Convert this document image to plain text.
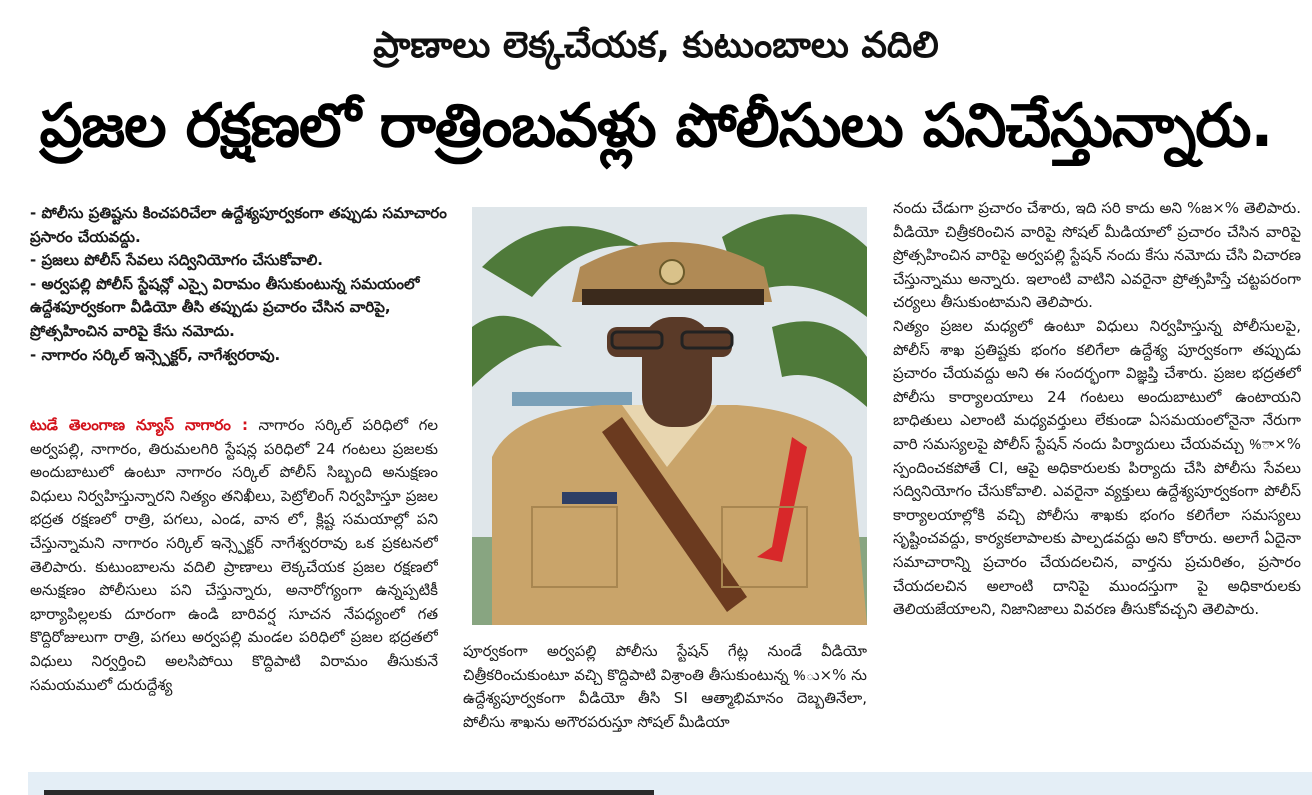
ప్రాణాలు లెక్కచేయక, కుటుంబాలు వదిలి
ప్రజల రక్షణలో రాత్రింబవళ్లు పోలీసులు పనిచేస్తున్నారు.
- పోలీసు ప్రతిష్టను కించపరిచేలా ఉద్దేశ్యపూర్వకంగా తప్పుడు సమాచారం ప్రసారం చేయవద్దు.
- ప్రజలు పోలీస్ సేవలు సద్వినియోగం చేసుకోవాలి.
- అర్వపల్లి పోలీస్ స్టేషన్లో ఎస్సై విరామం తీసుకుంటున్న సమయంలో ఉద్దేశపూర్వకంగా వీడియో తీసి తప్పుడు ప్రచారం చేసిన వారిపై, ప్రోత్సహించిన వారిపై కేసు నమోదు.
- నాగారం సర్కిల్ ఇన్స్పెక్టర్, నాగేశ్వరరావు.

టుడే తెలంగాణ న్యూస్ నాగారం : నాగారం సర్కిల్ పరిధిలో గల అర్వపల్లి, నాగారం, తిరుమలగిరి స్టేషన్ల పరిధిలో 24 గంటలు ప్రజలకు అందుబాటులో ఉంటూ నాగారం సర్కిల్ పోలీస్ సిబ్బంది అనుక్షణం విధులు నిర్వహిస్తున్నారని నిత్యం తనిఖీలు, పెట్రోలింగ్ నిర్వహిస్తూ ప్రజల భద్రత రక్షణలో రాత్రి, పగలు, ఎండ, వాన లో, క్లిష్ట సమయాల్లో పని చేస్తున్నామని నాగారం సర్కిల్ ఇన్స్పెక్టర్ నాగేశ్వరరావు ఒక ప్రకటనలో తెలిపారు. కుటుంబాలను వదిలి ప్రాణాలు లెక్కచేయక ప్రజల రక్షణలో అనుక్షణం పోలీసులు పని చేస్తున్నారు, అనారోగ్యంగా ఉన్నప్పటికీ భార్యాపిల్లలకు దూరంగా ఉండి బారివర్ష సూచన నేపధ్యంలో గత కొద్దిరోజులుగా రాత్రి, పగలు అర్వపల్లి మండల పరిధిలో ప్రజల భద్రతలో విధులు నిర్వర్తించి అలసిపోయి కొద్దిపాటి విరామం తీసుకునే సమయములో దురుద్దేశ్య

పూర్వకంగా అర్వపల్లి పోలీసు స్టేషన్ గేట్ల నుండే వీడియో చిత్రీకరించుకుంటూ వచ్చి కొద్దిపాటి విశ్రాంతి తీసుకుంటున్న %ు×% ను ఉద్దేశ్యపూర్వకంగా వీడియో తీసి SI ఆత్మాభిమానం దెబ్బతినేలా, పోలీసు శాఖను అగౌరపరుస్తూ సోషల్ మీడియా

నందు చేడుగా ప్రచారం చేశారు, ఇది సరి కాదు అని %జ×% తెలిపారు. వీడియో చిత్రీకరించిన వారిపై సోషల్ మీడియాలో ప్రచారం చేసిన వారిపై ప్రోత్సహించిన వారిపై అర్వపల్లి స్టేషన్ నందు కేసు నమోదు చేసి విచారణ చేస్తున్నాము అన్నారు. ఇలాంటి వాటిని ఎవరైనా ప్రోత్సహిస్తే చట్టపరంగా చర్యలు తీసుకుంటామని తెలిపారు.

నిత్యం ప్రజల మధ్యలో ఉంటూ విధులు నిర్వహిస్తున్న పోలీసులపై, పోలీస్ శాఖ ప్రతిష్టకు భంగం కలిగేలా ఉద్దేశ్య పూర్వకంగా తప్పుడు ప్రచారం చేయవద్దు అని ఈ సందర్భంగా విజ్ఞప్తి చేశారు. ప్రజల భద్రతలో పోలీసు కార్యాలయాలు 24 గంటలు అందుబాటులో ఉంటాయని బాధితులు ఎలాంటి మధ్యవర్తులు లేకుండా ఏసమయంలోనైనా నేరుగా వారి సమస్యలపై పోలీస్ స్టేషన్ నందు పిర్యాదులు చేయవచ్చు %ా×% స్పందించకపోతే CI, ఆపై అధికారులకు పిర్యాదు చేసి పోలీసు సేవలు సద్వినియోగం చేసుకోవాలి. ఎవరైనా వ్యక్తులు ఉద్దేశ్యపూర్వకంగా పోలీస్ కార్యాలయాల్లోకి వచ్చి పోలీసు శాఖకు భంగం కలిగేలా సమస్యలు సృష్టించవద్దు, కార్యకలాపాలకు పాల్పడవద్దు అని కోరారు. అలాగే ఏదైనా సమాచారాన్ని ప్రచారం చేయదలచిన, వార్తను ప్రచురితం, ప్రసారం చేయదలచిన అలాంటి దానిపై ముందస్తుగా పై అధికారులకు తెలియజేయాలని, నిజానిజాలు వివరణ తీసుకోవచ్చని తెలిపారు.
